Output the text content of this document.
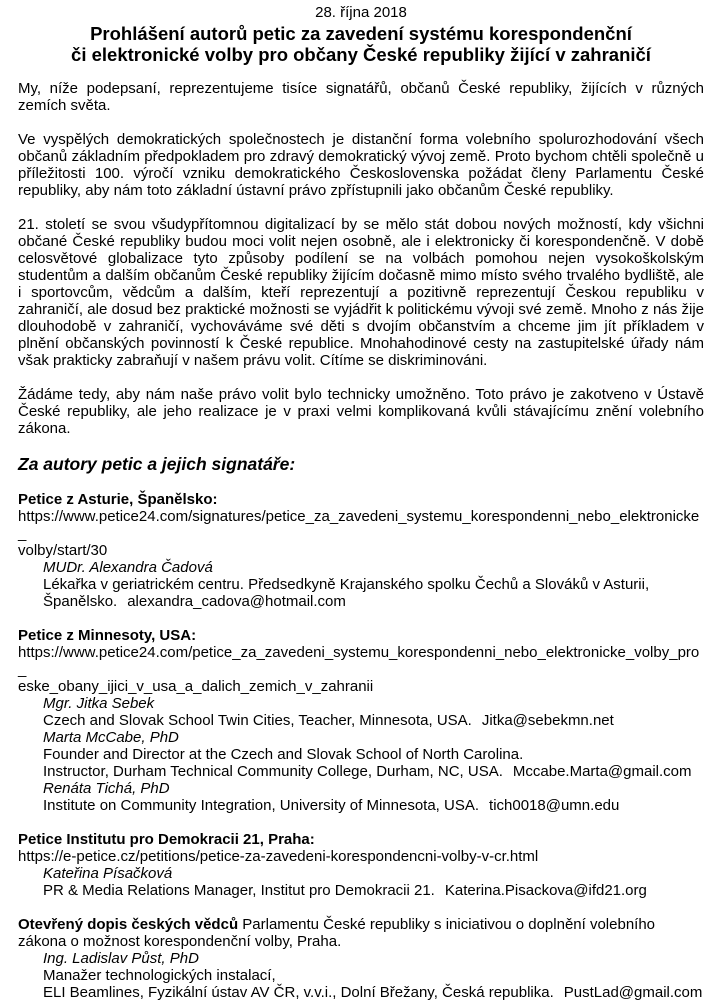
28. října 2018
Prohlášení autorů petic za zavedení systému korespondenční
či elektronické volby pro občany České republiky žijící v zahraničí

My, níže podepsaní, reprezentujeme tisíce signatářů, občanů České republiky, žijících v různých zemích světa.

Ve vyspělých demokratických společnostech je distanční forma volebního spolurozhodování všech občanů základním předpokladem pro zdravý demokratický vývoj země. Proto bychom chtěli společně u příležitosti 100. výročí vzniku demokratického Československa požádat členy Parlamentu České republiky, aby nám toto základní ústavní právo zpřístupnili jako občanům České republiky.

21. století se svou všudypřítomnou digitalizací by se mělo stát dobou nových možností, kdy všichni občané České republiky budou moci volit nejen osobně, ale i elektronicky či korespondenčně. V době celosvětové globalizace tyto způsoby podílení se na volbách pomohou nejen vysokoškolským studentům a dalším občanům České republiky žijícím dočasně mimo místo svého trvalého bydliště, ale i sportovcům, vědcům a dalším, kteří reprezentují a pozitivně reprezentují Českou republiku v zahraničí, ale dosud bez praktické možnosti se vyjádřit k politickému vývoji své země. Mnoho z nás žije dlouhodobě v zahraničí, vychováváme své děti s dvojím občanstvím a chceme jim jít příkladem v plnění občanských povinností k České republice. Mnohahodinové cesty na zastupitelské úřady nám však prakticky zabraňují v našem právu volit. Cítíme se diskriminováni.

Žádáme tedy, aby nám naše právo volit bylo technicky umožněno. Toto právo je zakotveno v Ústavě České republiky, ale jeho realizace je v praxi velmi komplikovaná kvůli stávajícímu znění volebního zákona.

Za autory petic a jejich signatáře:
Petice z Asturie, Španělsko:
https://www.petice24.com/signatures/petice_za_zavedeni_systemu_korespondenni_nebo_elektronicke_
volby/start/30
MUDr. Alexandra Čadová
Lékařka v geriatrickém centru. Předsedkyně Krajanského spolku Čechů a Slováků v Asturii,
Španělsko. alexandra_cadova@hotmail.com
Petice z Minnesoty, USA:
https://www.petice24.com/petice_za_zavedeni_systemu_korespondenni_nebo_elektronicke_volby_pro_
eske_obany_ijici_v_usa_a_dalich_zemich_v_zahranii
Mgr. Jitka Sebek
Czech and Slovak School Twin Cities, Teacher, Minnesota, USA. Jitka@sebekmn.net
Marta McCabe, PhD
Founder and Director at the Czech and Slovak School of North Carolina.
Instructor, Durham Technical Community College, Durham, NC, USA. Mccabe.Marta@gmail.com
Renáta Tichá, PhD
Institute on Community Integration, University of Minnesota, USA. tich0018@umn.edu
Petice Institutu pro Demokracii 21, Praha:
https://e-petice.cz/petitions/petice-za-zavedeni-korespondencni-volby-v-cr.html
Kateřina Písačková
PR & Media Relations Manager, Institut pro Demokracii 21. Katerina.Pisackova@ifd21.org
Otevřený dopis českých vědců Parlamentu České republiky s iniciativou o doplnění volebního zákona o možnost korespondenční volby, Praha.
Ing. Ladislav Půst, PhD
Manažer technologických instalací,
ELI Beamlines, Fyzikální ústav AV ČR, v.v.i., Dolní Břežany, Česká republika. PustLad@gmail.com
